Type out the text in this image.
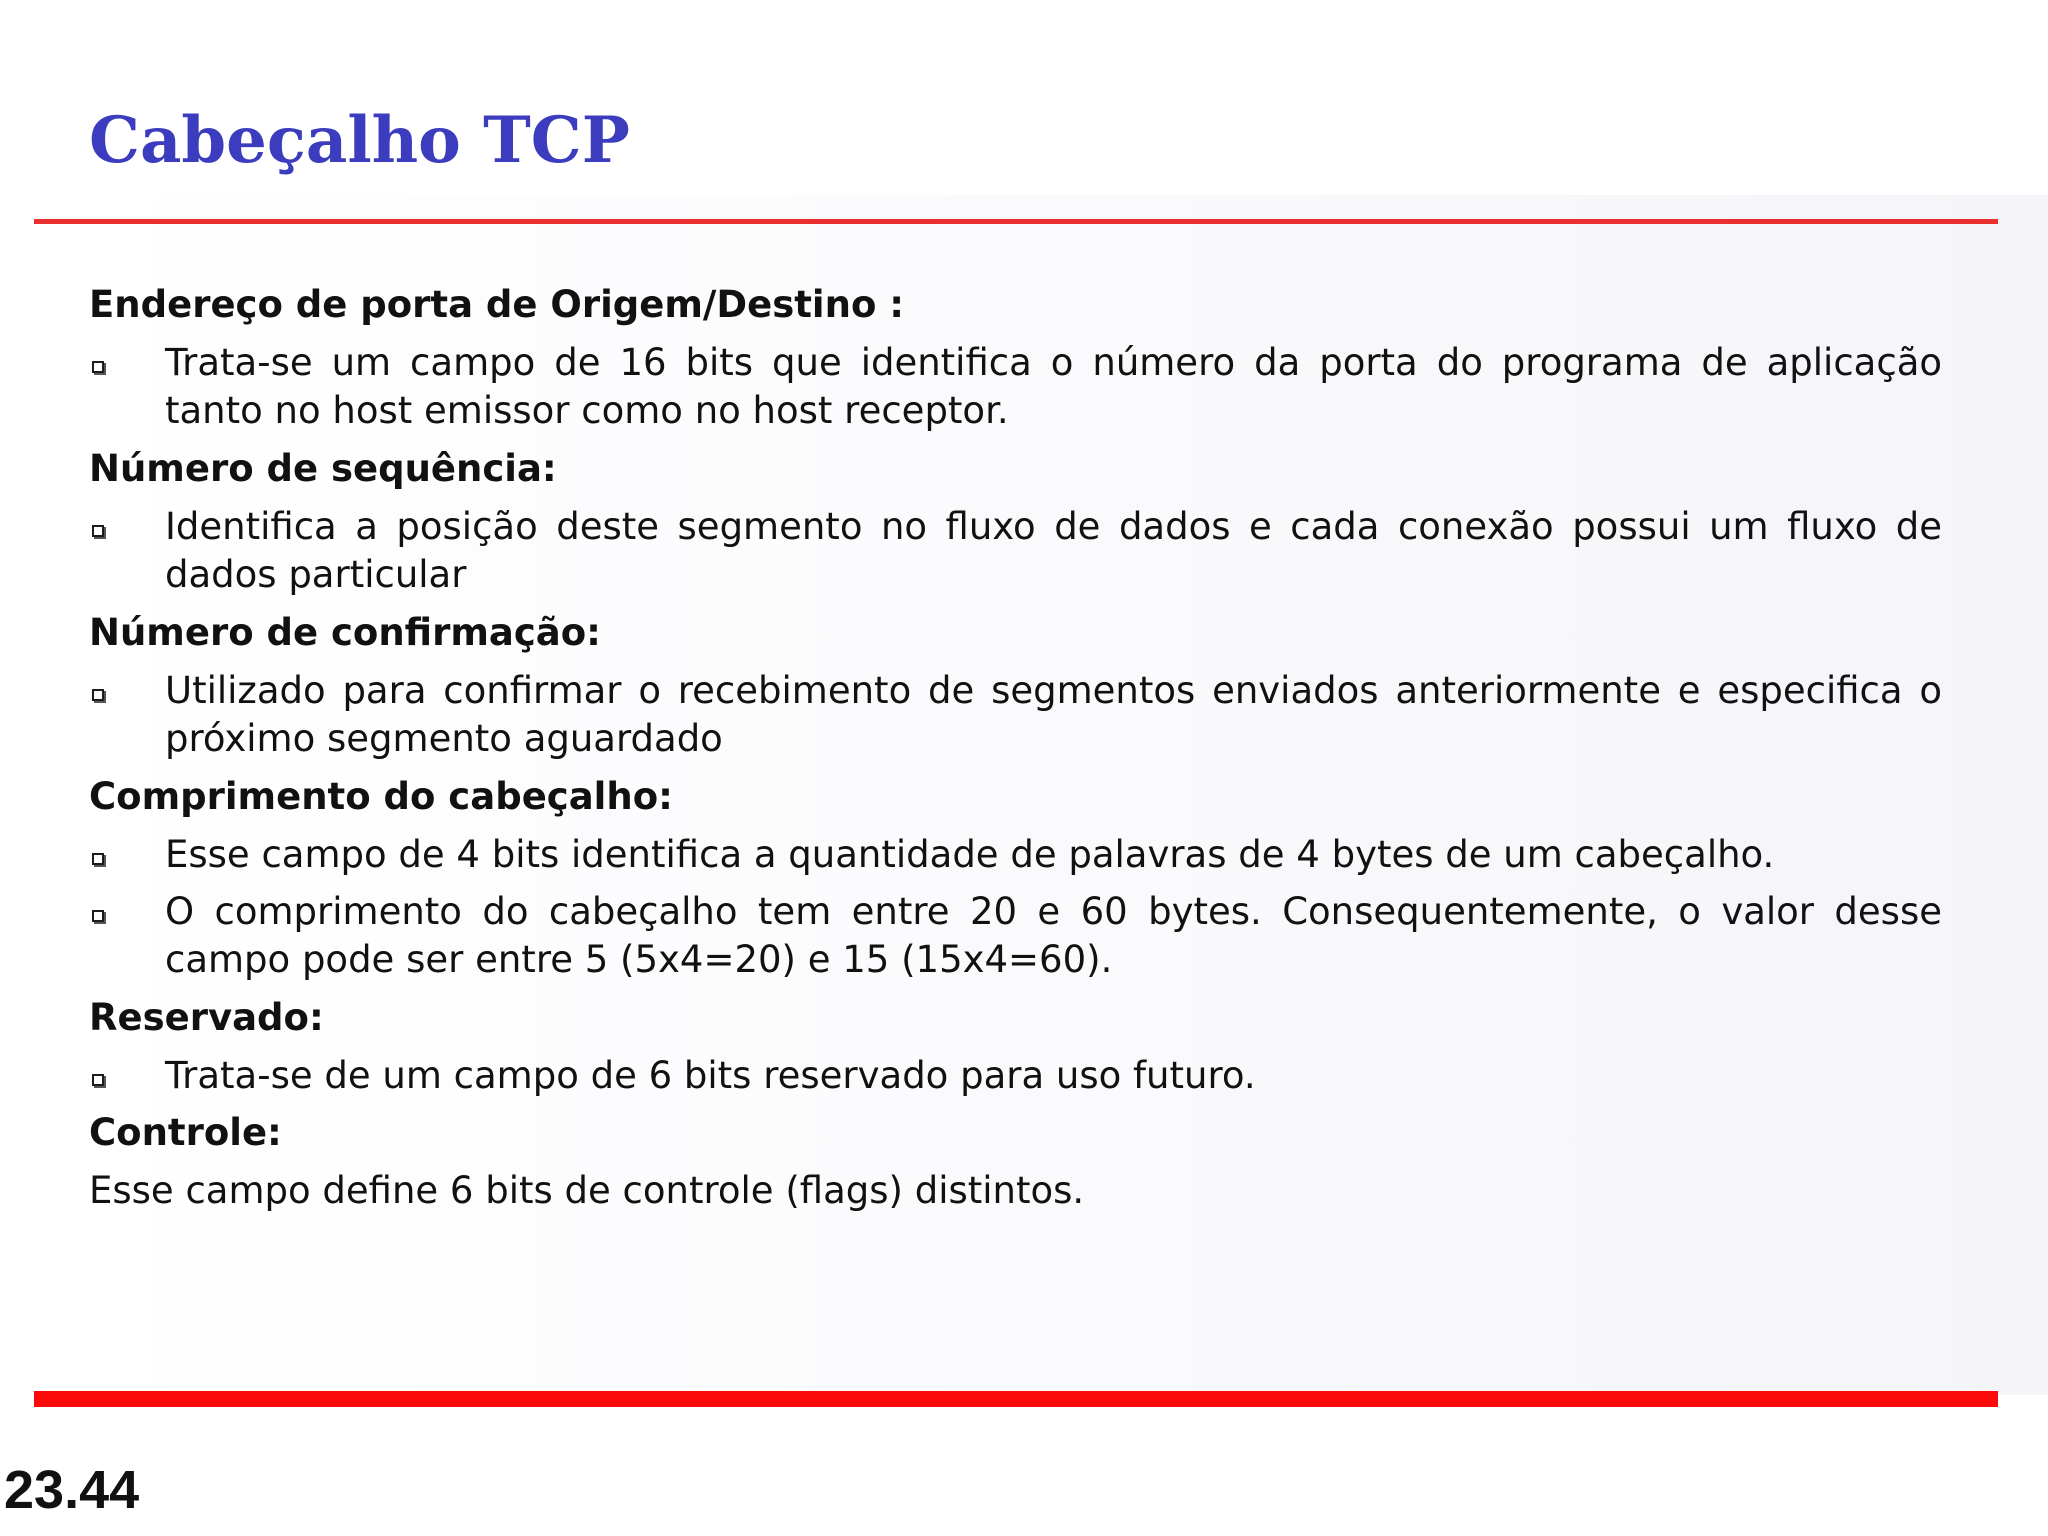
Cabeçalho TCP
Endereço de porta de Origem/Destino :
Trata-se um campo de 16 bits que identifica o número da porta do programa de aplicação tanto no host emissor como no host receptor.
Número de sequência:
Identifica a posição deste segmento no fluxo de dados e cada conexão possui um fluxo de dados particular
Número de confirmação:
Utilizado para confirmar o recebimento de segmentos enviados anteriormente e especifica o próximo segmento aguardado
Comprimento do cabeçalho:
Esse campo de 4 bits identifica a quantidade de palavras de 4 bytes de um cabeçalho.
O comprimento do cabeçalho tem entre 20 e 60 bytes. Consequentemente, o valor desse campo pode ser entre 5 (5x4=20) e 15 (15x4=60).
Reservado:
Trata-se de um campo de 6 bits reservado para uso futuro.
Controle:
Esse campo define 6 bits de controle (flags) distintos.
23.44
